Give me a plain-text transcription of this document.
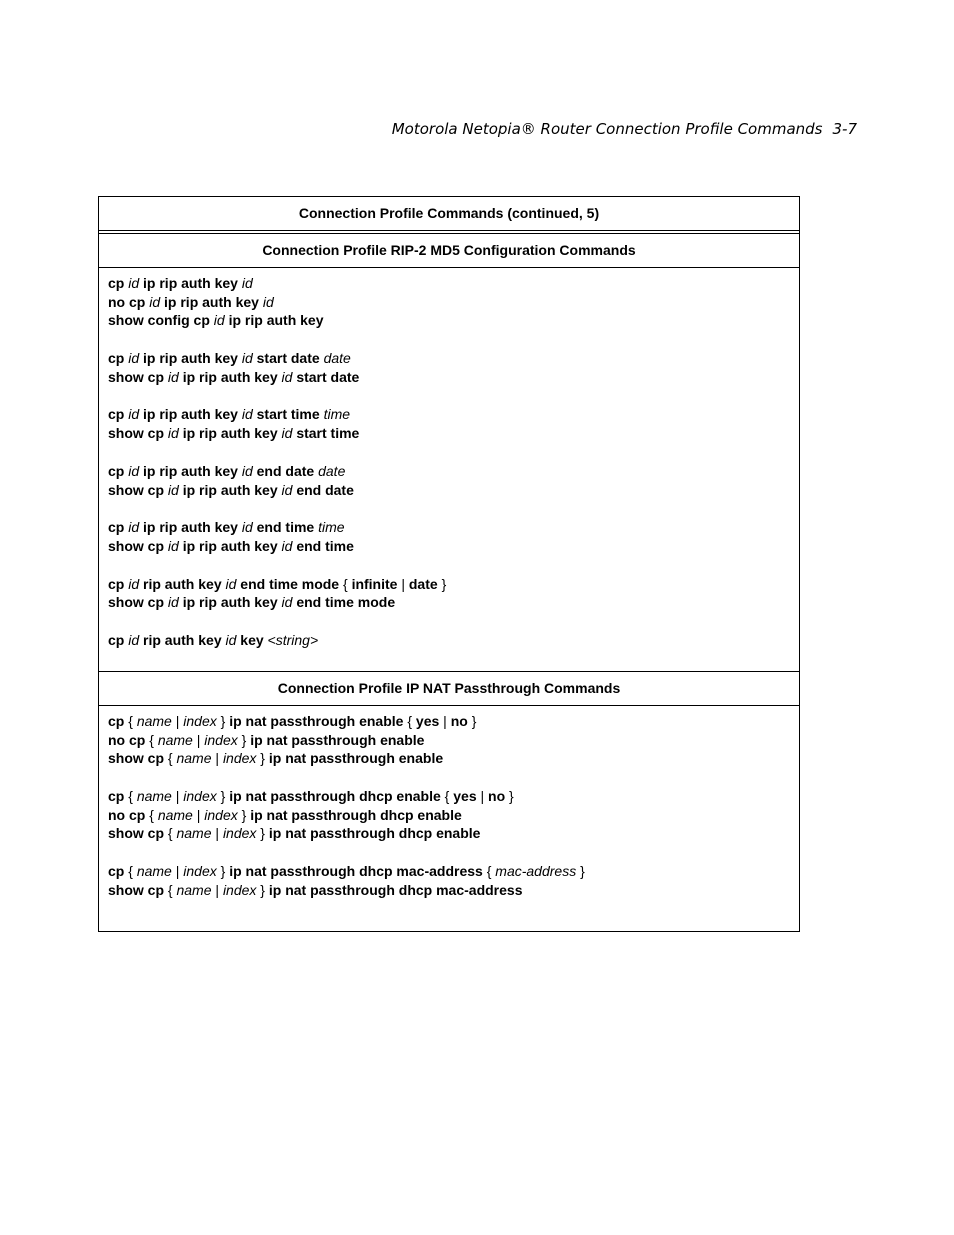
Motorola Netopia® Router Connection Profile Commands 3-7
Connection Profile Commands (continued, 5)
Connection Profile RIP-2 MD5 Configuration Commands
cp id ip rip auth key id
no cp id ip rip auth key id
show config cp id ip rip auth key
cp id ip rip auth key id start date date
show cp id ip rip auth key id start date
cp id ip rip auth key id start time time
show cp id ip rip auth key id start time
cp id ip rip auth key id end date date
show cp id ip rip auth key id end date
cp id ip rip auth key id end time time
show cp id ip rip auth key id end time
cp id rip auth key id end time mode { infinite | date }
show cp id ip rip auth key id end time mode
cp id rip auth key id key <string>
Connection Profile IP NAT Passthrough Commands
cp { name | index } ip nat passthrough enable { yes | no }
no cp { name | index } ip nat passthrough enable
show cp { name | index } ip nat passthrough enable
cp { name | index } ip nat passthrough dhcp enable { yes | no }
no cp { name | index } ip nat passthrough dhcp enable
show cp { name | index } ip nat passthrough dhcp enable
cp { name | index } ip nat passthrough dhcp mac-address { mac-address }
show cp { name | index } ip nat passthrough dhcp mac-address
